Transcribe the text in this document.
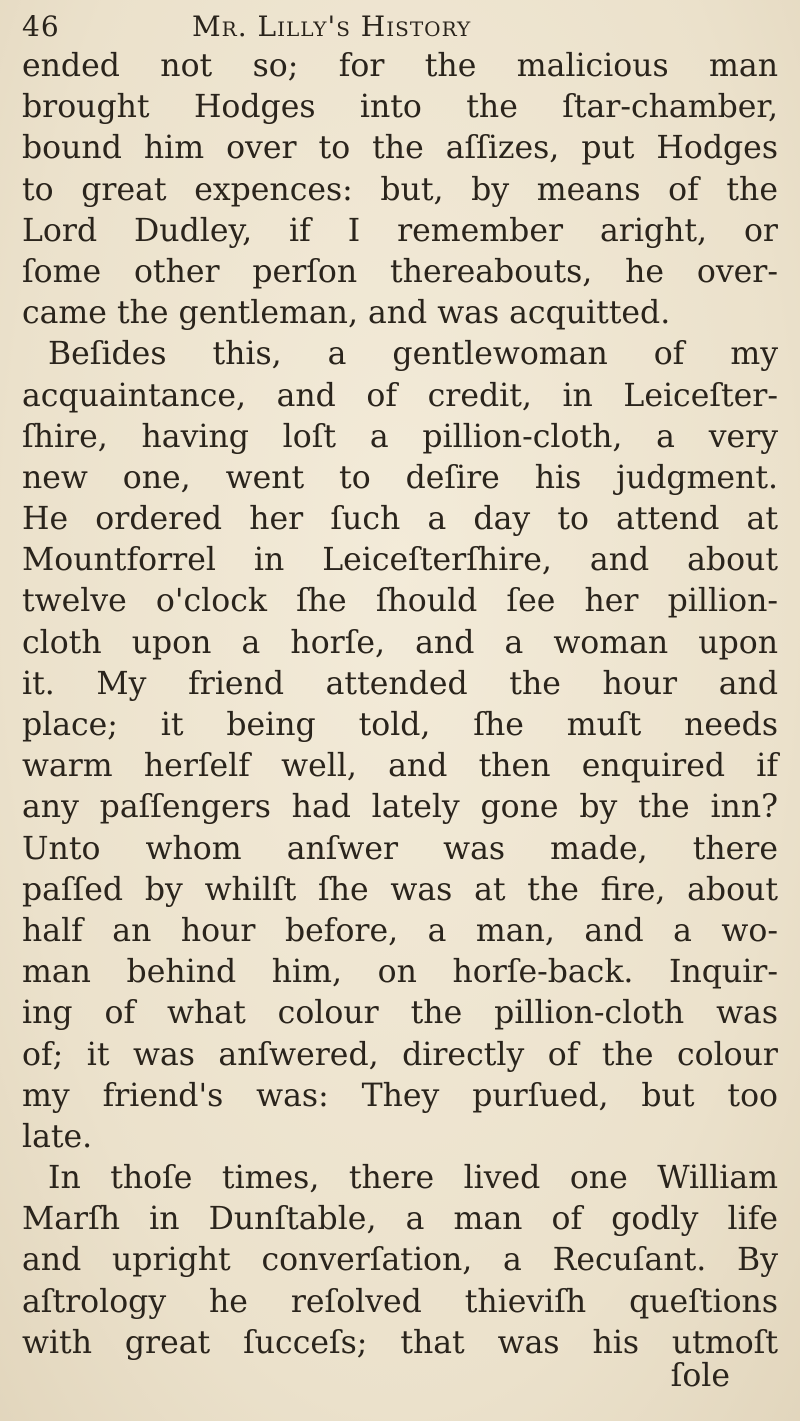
46	Mr. Lilly's History
ended not so; for the malicious man
brought Hodges into the ſtar-chamber,
bound him over to the aſſizes, put Hodges
to great expences: but, by means of the
Lord Dudley, if I remember aright, or
ſome other perſon thereabouts, he over-
came the gentleman, and was acquitted.
Beſides this, a gentlewoman of my
acquaintance, and of credit, in Leiceſter-
ſhire, having loſt a pillion-cloth, a very
new one, went to deſire his judgment.
He ordered her ſuch a day to attend at
Mountforrel in Leiceſterſhire, and about
twelve o'clock ſhe ſhould ſee her pillion-
cloth upon a horſe, and a woman upon
it. My friend attended the hour and
place; it being told, ſhe muſt needs
warm herſelf well, and then enquired if
any paſſengers had lately gone by the inn?
Unto whom anſwer was made, there
paſſed by whilſt ſhe was at the fire, about
half an hour before, a man, and a wo-
man behind him, on horſe-back. Inquir-
ing of what colour the pillion-cloth was
of; it was anſwered, directly of the colour
my friend's was: They purſued, but too
late.
In thoſe times, there lived one William
Marſh in Dunſtable, a man of godly life
and upright converſation, a Recuſant. By
aſtrology he reſolved thieviſh queſtions
with great ſucceſs; that was his utmoſt
ſole
